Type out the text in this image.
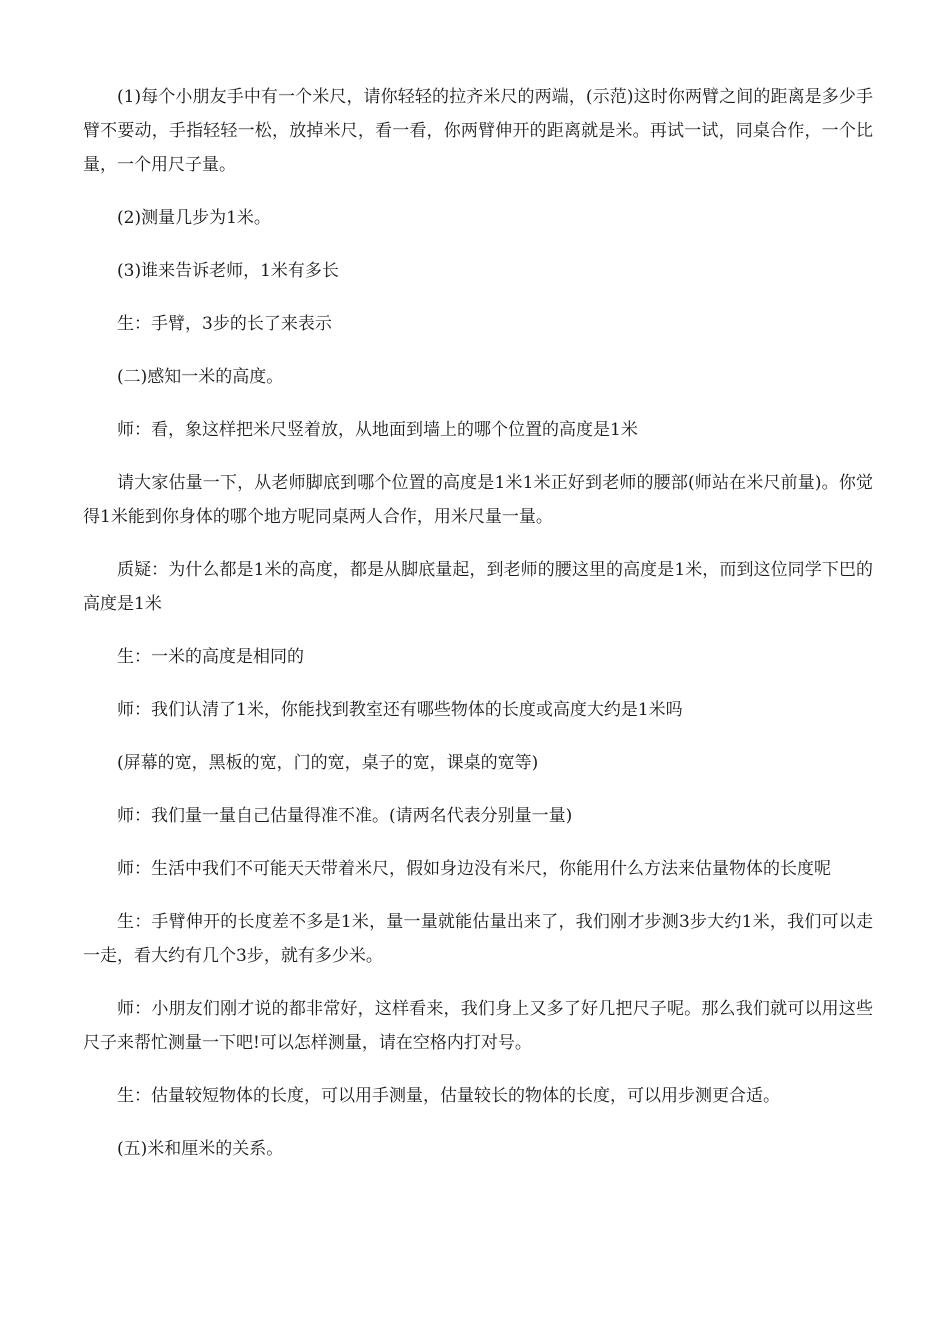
(1)每个小朋友手中有一个米尺，请你轻轻的拉齐米尺的两端，(示范)这时你两臂之间的距离是多少手臂不要动，手指轻轻一松，放掉米尺，看一看，你两臂伸开的距离就是米。再试一试，同桌合作，一个比量，一个用尺子量。

(2)测量几步为1米。

(3)谁来告诉老师，1米有多长

生：手臂，3步的长了来表示

(二)感知一米的高度。

师：看，象这样把米尺竖着放，从地面到墙上的哪个位置的高度是1米

请大家估量一下，从老师脚底到哪个位置的高度是1米1米正好到老师的腰部(师站在米尺前量)。你觉得1米能到你身体的哪个地方呢同桌两人合作，用米尺量一量。

质疑：为什么都是1米的高度，都是从脚底量起，到老师的腰这里的高度是1米，而到这位同学下巴的高度是1米

生：一米的高度是相同的

师：我们认清了1米，你能找到教室还有哪些物体的长度或高度大约是1米吗

(屏幕的宽，黑板的宽，门的宽，桌子的宽，课桌的宽等)

师：我们量一量自己估量得准不准。(请两名代表分别量一量)

师：生活中我们不可能天天带着米尺，假如身边没有米尺，你能用什么方法来估量物体的长度呢

生：手臂伸开的长度差不多是1米，量一量就能估量出来了，我们刚才步测3步大约1米，我们可以走一走，看大约有几个3步，就有多少米。

师：小朋友们刚才说的都非常好，这样看来，我们身上又多了好几把尺子呢。那么我们就可以用这些尺子来帮忙测量一下吧!可以怎样测量，请在空格内打对号。

生：估量较短物体的长度，可以用手测量，估量较长的物体的长度，可以用步测更合适。

(五)米和厘米的关系。
